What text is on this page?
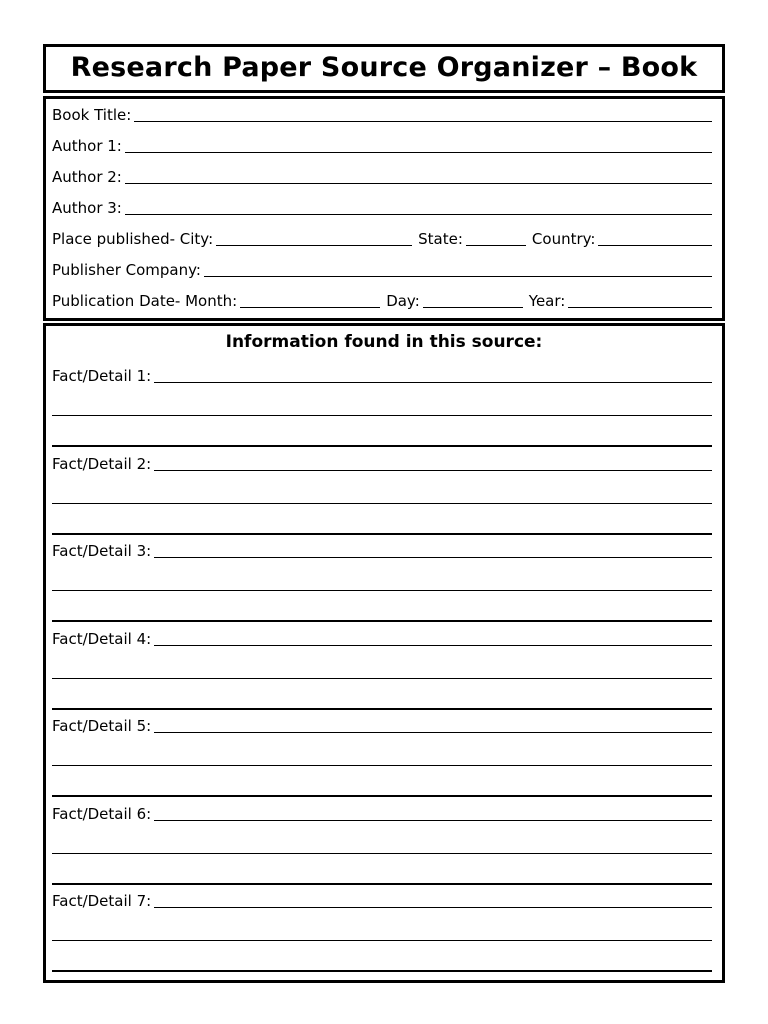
Research Paper Source Organizer – Book
Book Title:
Author 1:
Author 2:
Author 3:
Place published- City:	State:	Country:
Publisher Company:
Publication Date- Month:	Day:	Year:
Information found in this source:
Fact/Detail 1:
Fact/Detail 2:
Fact/Detail 3:
Fact/Detail 4:
Fact/Detail 5:
Fact/Detail 6:
Fact/Detail 7:
